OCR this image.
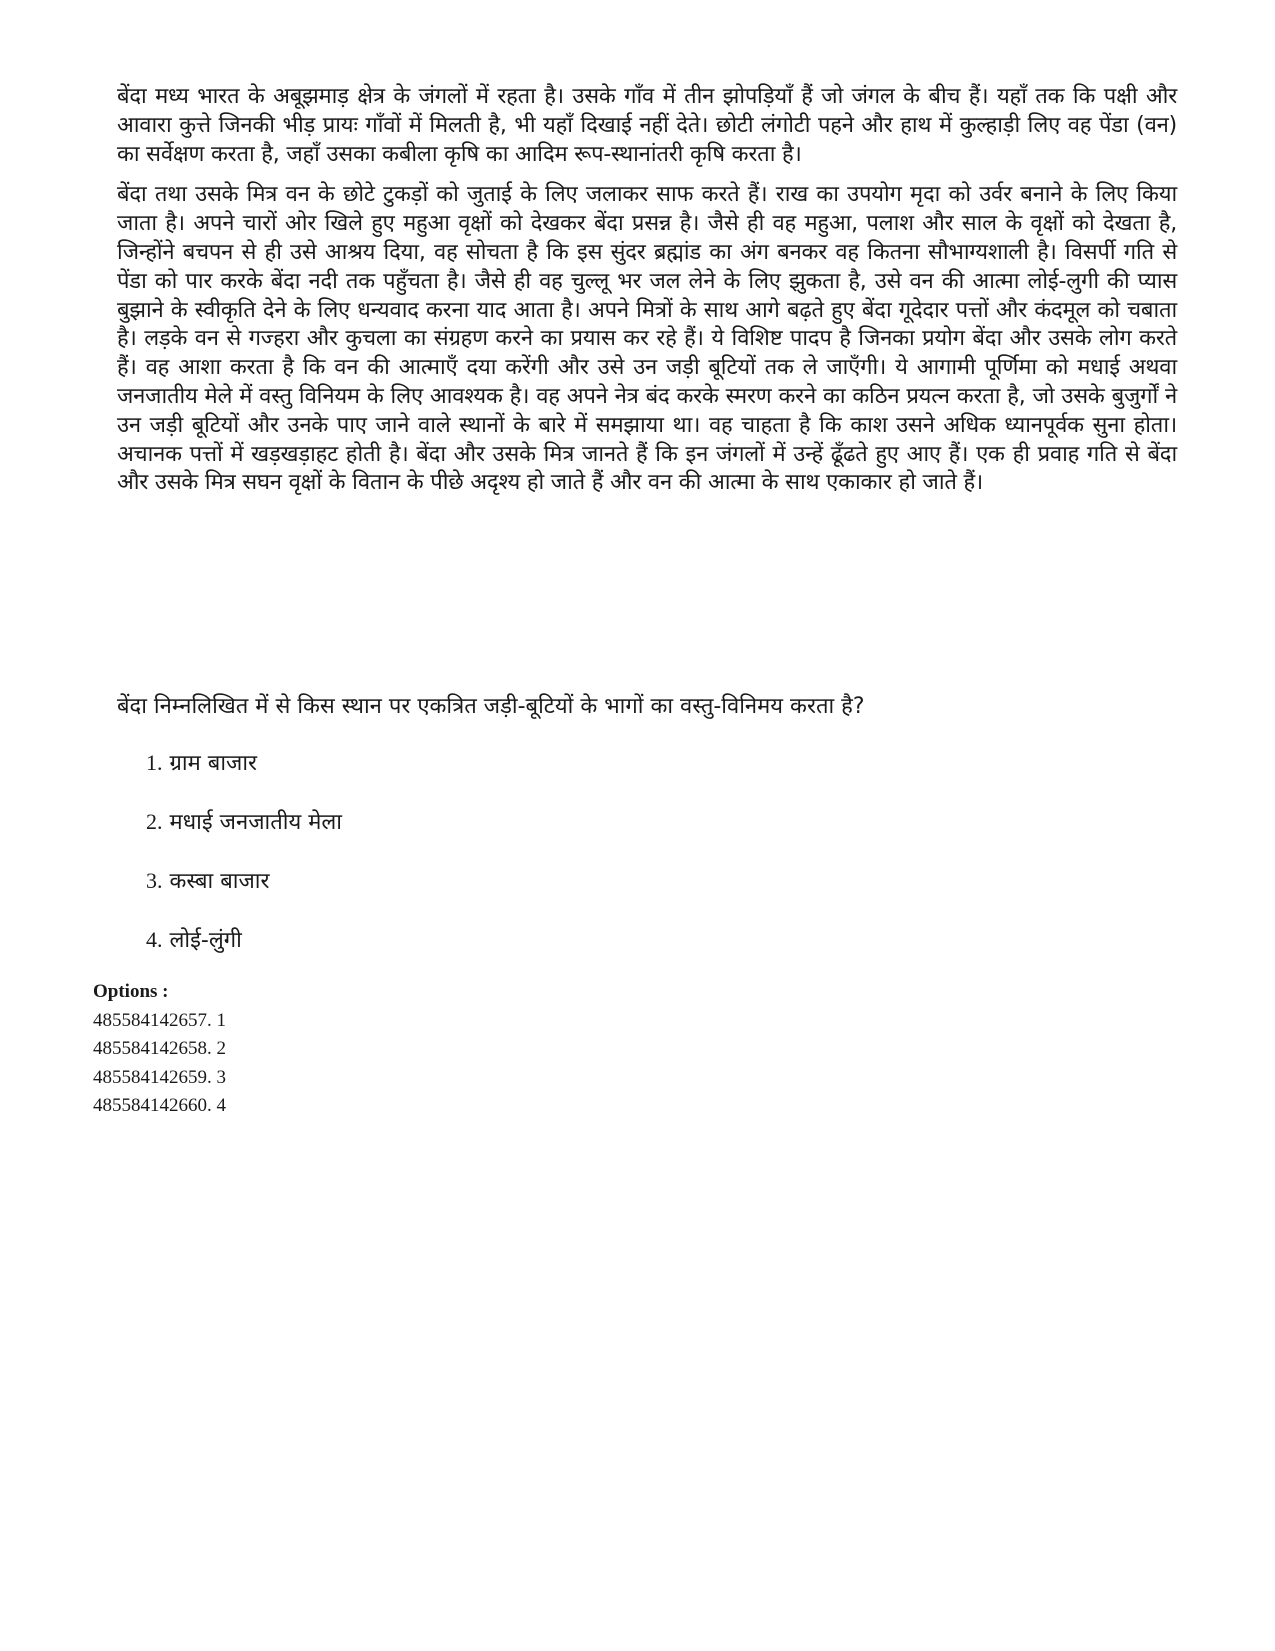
बेंदा मध्य भारत के अबूझमाड़ क्षेत्र के जंगलों में रहता है। उसके गाँव में तीन झोपड़ियाँ हैं जो जंगल के बीच हैं। यहाँ तक कि पक्षी और आवारा कुत्ते जिनकी भीड़ प्रायः गाँवों में मिलती है, भी यहाँ दिखाई नहीं देते। छोटी लंगोटी पहने और हाथ में कुल्हाड़ी लिए वह पेंडा (वन) का सर्वेक्षण करता है, जहाँ उसका कबीला कृषि का आदिम रूप-स्थानांतरी कृषि करता है।

बेंदा तथा उसके मित्र वन के छोटे टुकड़ों को जुताई के लिए जलाकर साफ करते हैं। राख का उपयोग मृदा को उर्वर बनाने के लिए किया जाता है। अपने चारों ओर खिले हुए महुआ वृक्षों को देखकर बेंदा प्रसन्न है। जैसे ही वह महुआ, पलाश और साल के वृक्षों को देखता है, जिन्होंने बचपन से ही उसे आश्रय दिया, वह सोचता है कि इस सुंदर ब्रह्मांड का अंग बनकर वह कितना सौभाग्यशाली है। विसर्पी गति से पेंडा को पार करके बेंदा नदी तक पहुँचता है। जैसे ही वह चुल्लू भर जल लेने के लिए झुकता है, उसे वन की आत्मा लोई-लुगी की प्यास बुझाने के स्वीकृति देने के लिए धन्यवाद करना याद आता है। अपने मित्रों के साथ आगे बढ़ते हुए बेंदा गूदेदार पत्तों और कंदमूल को चबाता है। लड़के वन से गज्हरा और कुचला का संग्रहण करने का प्रयास कर रहे हैं। ये विशिष्ट पादप है जिनका प्रयोग बेंदा और उसके लोग करते हैं। वह आशा करता है कि वन की आत्माएँ दया करेंगी और उसे उन जड़ी बूटियों तक ले जाएँगी। ये आगामी पूर्णिमा को मधाई अथवा जनजातीय मेले में वस्तु विनियम के लिए आवश्यक है। वह अपने नेत्र बंद करके स्मरण करने का कठिन प्रयत्न करता है, जो उसके बुजुर्गों ने उन जड़ी बूटियों और उनके पाए जाने वाले स्थानों के बारे में समझाया था। वह चाहता है कि काश उसने अधिक ध्यानपूर्वक सुना होता। अचानक पत्तों में खड़खड़ाहट होती है। बेंदा और उसके मित्र जानते हैं कि इन जंगलों में उन्हें ढूँढते हुए आए हैं। एक ही प्रवाह गति से बेंदा और उसके मित्र सघन वृक्षों के वितान के पीछे अदृश्य हो जाते हैं और वन की आत्मा के साथ एकाकार हो जाते हैं।

बेंदा निम्नलिखित में से किस स्थान पर एकत्रित जड़ी-बूटियों के भागों का वस्तु-विनिमय करता है?

1. ग्राम बाजार
2. मधाई जनजातीय मेला
3. कस्बा बाजार
4. लोई-लुंगी
Options :
485584142657. 1
485584142658. 2
485584142659. 3
485584142660. 4
